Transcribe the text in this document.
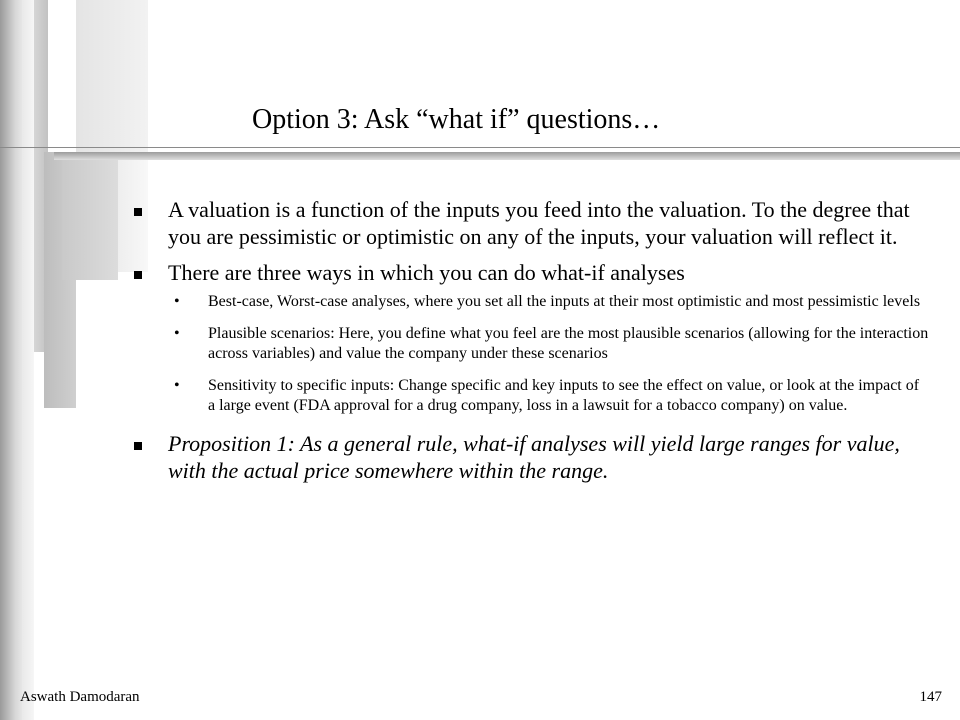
Option 3: Ask “what if” questions…
A valuation is a function of the inputs you feed into the valuation. To the degree that you are pessimistic or optimistic on any of the inputs, your valuation will reflect it.
There are three ways in which you can do what-if analyses
• Best-case, Worst-case analyses, where you set all the inputs at their most optimistic and most pessimistic levels
• Plausible scenarios: Here, you define what you feel are the most plausible scenarios (allowing for the interaction across variables) and value the company under these scenarios
• Sensitivity to specific inputs: Change specific and key inputs to see the effect on value, or look at the impact of a large event (FDA approval for a drug company, loss in a lawsuit for a tobacco company) on value.
Proposition 1: As a general rule, what-if analyses will yield large ranges for value, with the actual price somewhere within the range.
Aswath Damodaran	147
